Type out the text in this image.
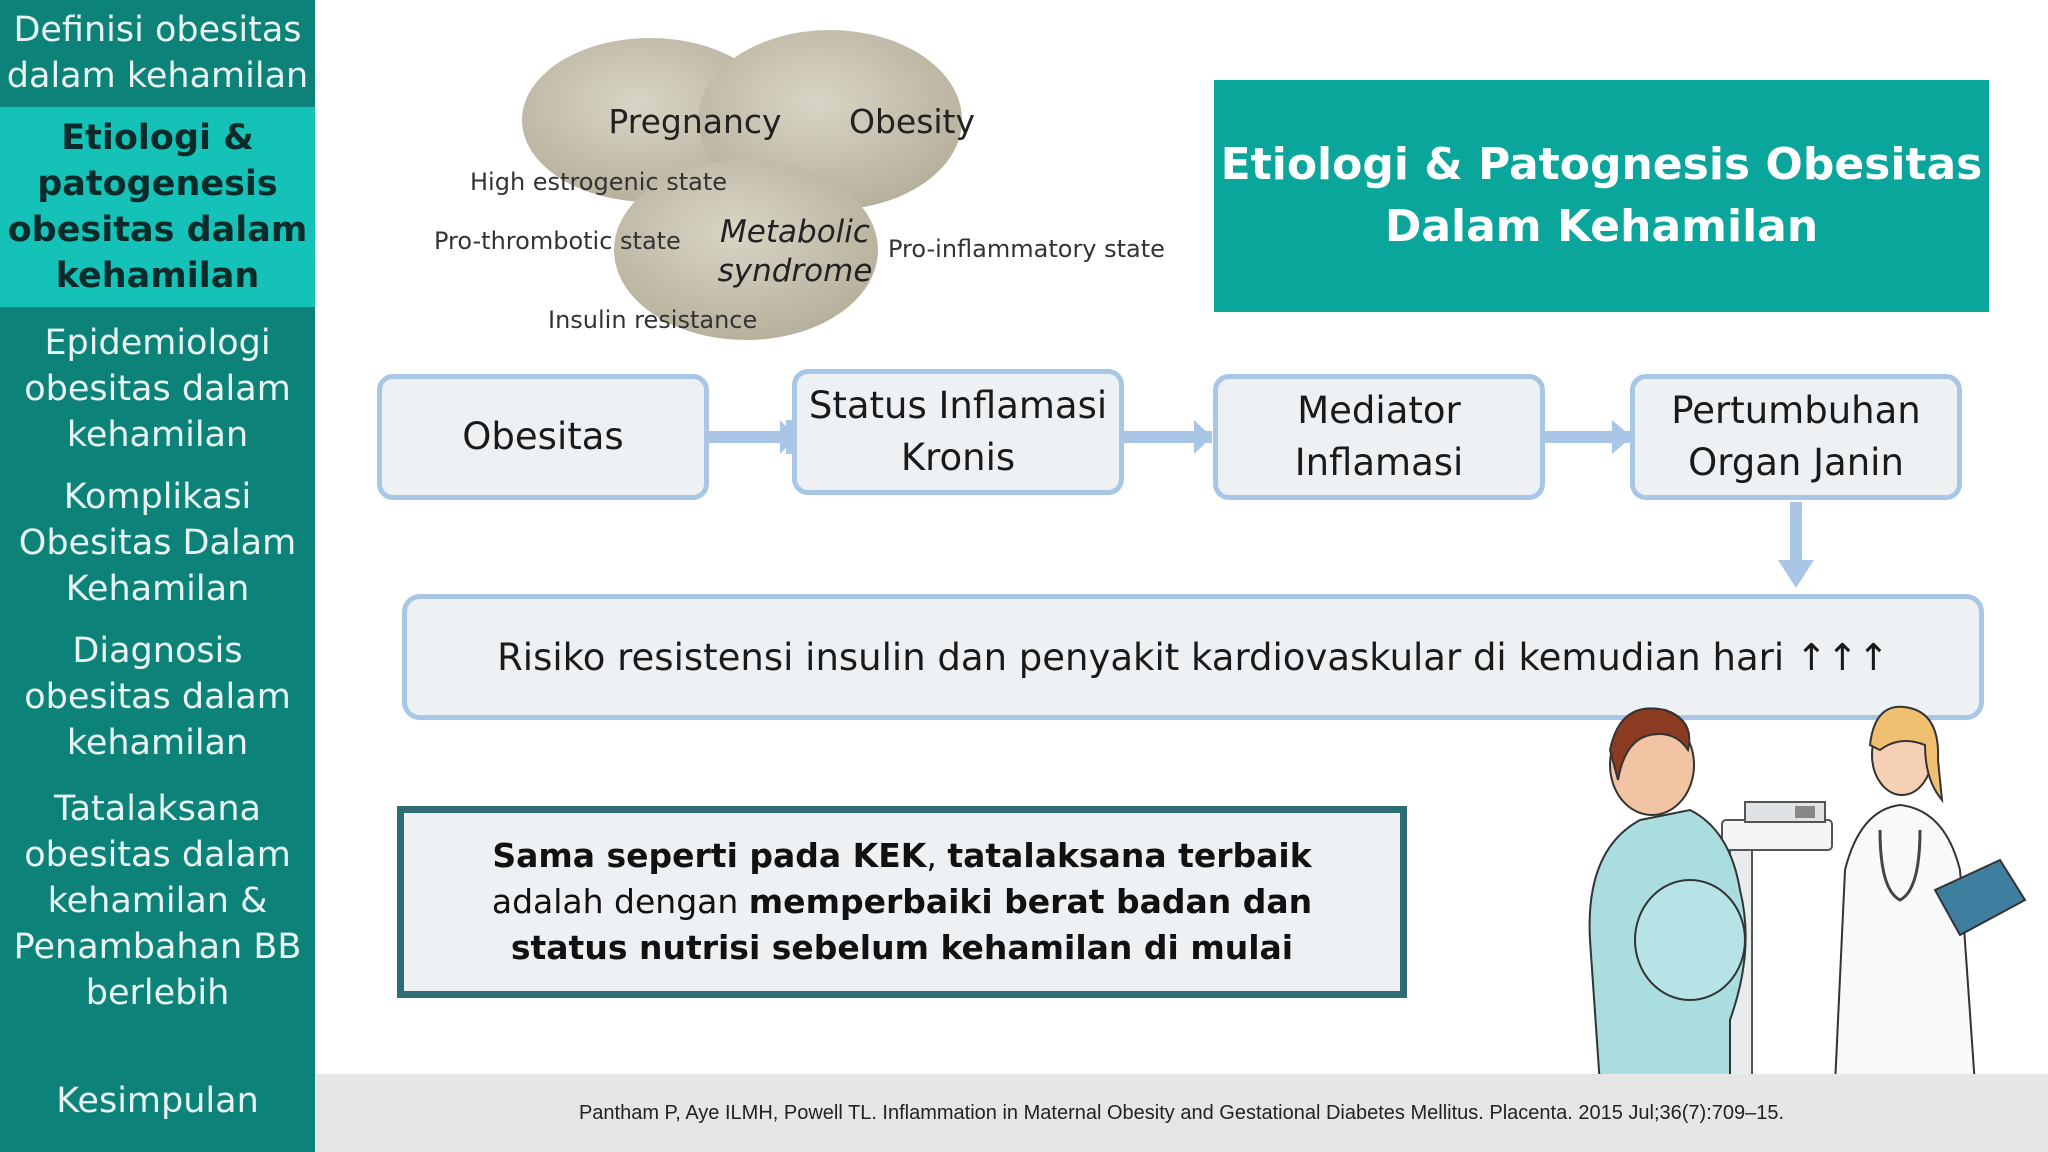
Definisi obesitas
dalam kehamilan
Etiologi &
patogenesis
obesitas dalam
kehamilan
Epidemiologi
obesitas dalam
kehamilan
Komplikasi
Obesitas Dalam
Kehamilan
Diagnosis
obesitas dalam
kehamilan
Tatalaksana
obesitas dalam
kehamilan &
Penambahan BB
berlebih
Kesimpulan
Pregnancy Obesity
Metabolic
syndrome
High estrogenic state
Pro-thrombotic state	Pro-inflammatory state
Insulin resistance
Etiologi & Patognesis Obesitas
Dalam Kehamilan
Obesitas
Status Inflamasi
Kronis
Mediator
Inflamasi
Pertumbuhan
Organ Janin
Risiko resistensi insulin dan penyakit kardiovaskular di kemudian hari ↑↑↑

Sama seperti pada KEK, tatalaksana terbaik adalah dengan memperbaiki berat badan dan status nutrisi sebelum kehamilan di mulai

Pantham P, Aye ILMH, Powell TL. Inflammation in Maternal Obesity and Gestational Diabetes Mellitus. Placenta. 2015 Jul;36(7):709–15.
